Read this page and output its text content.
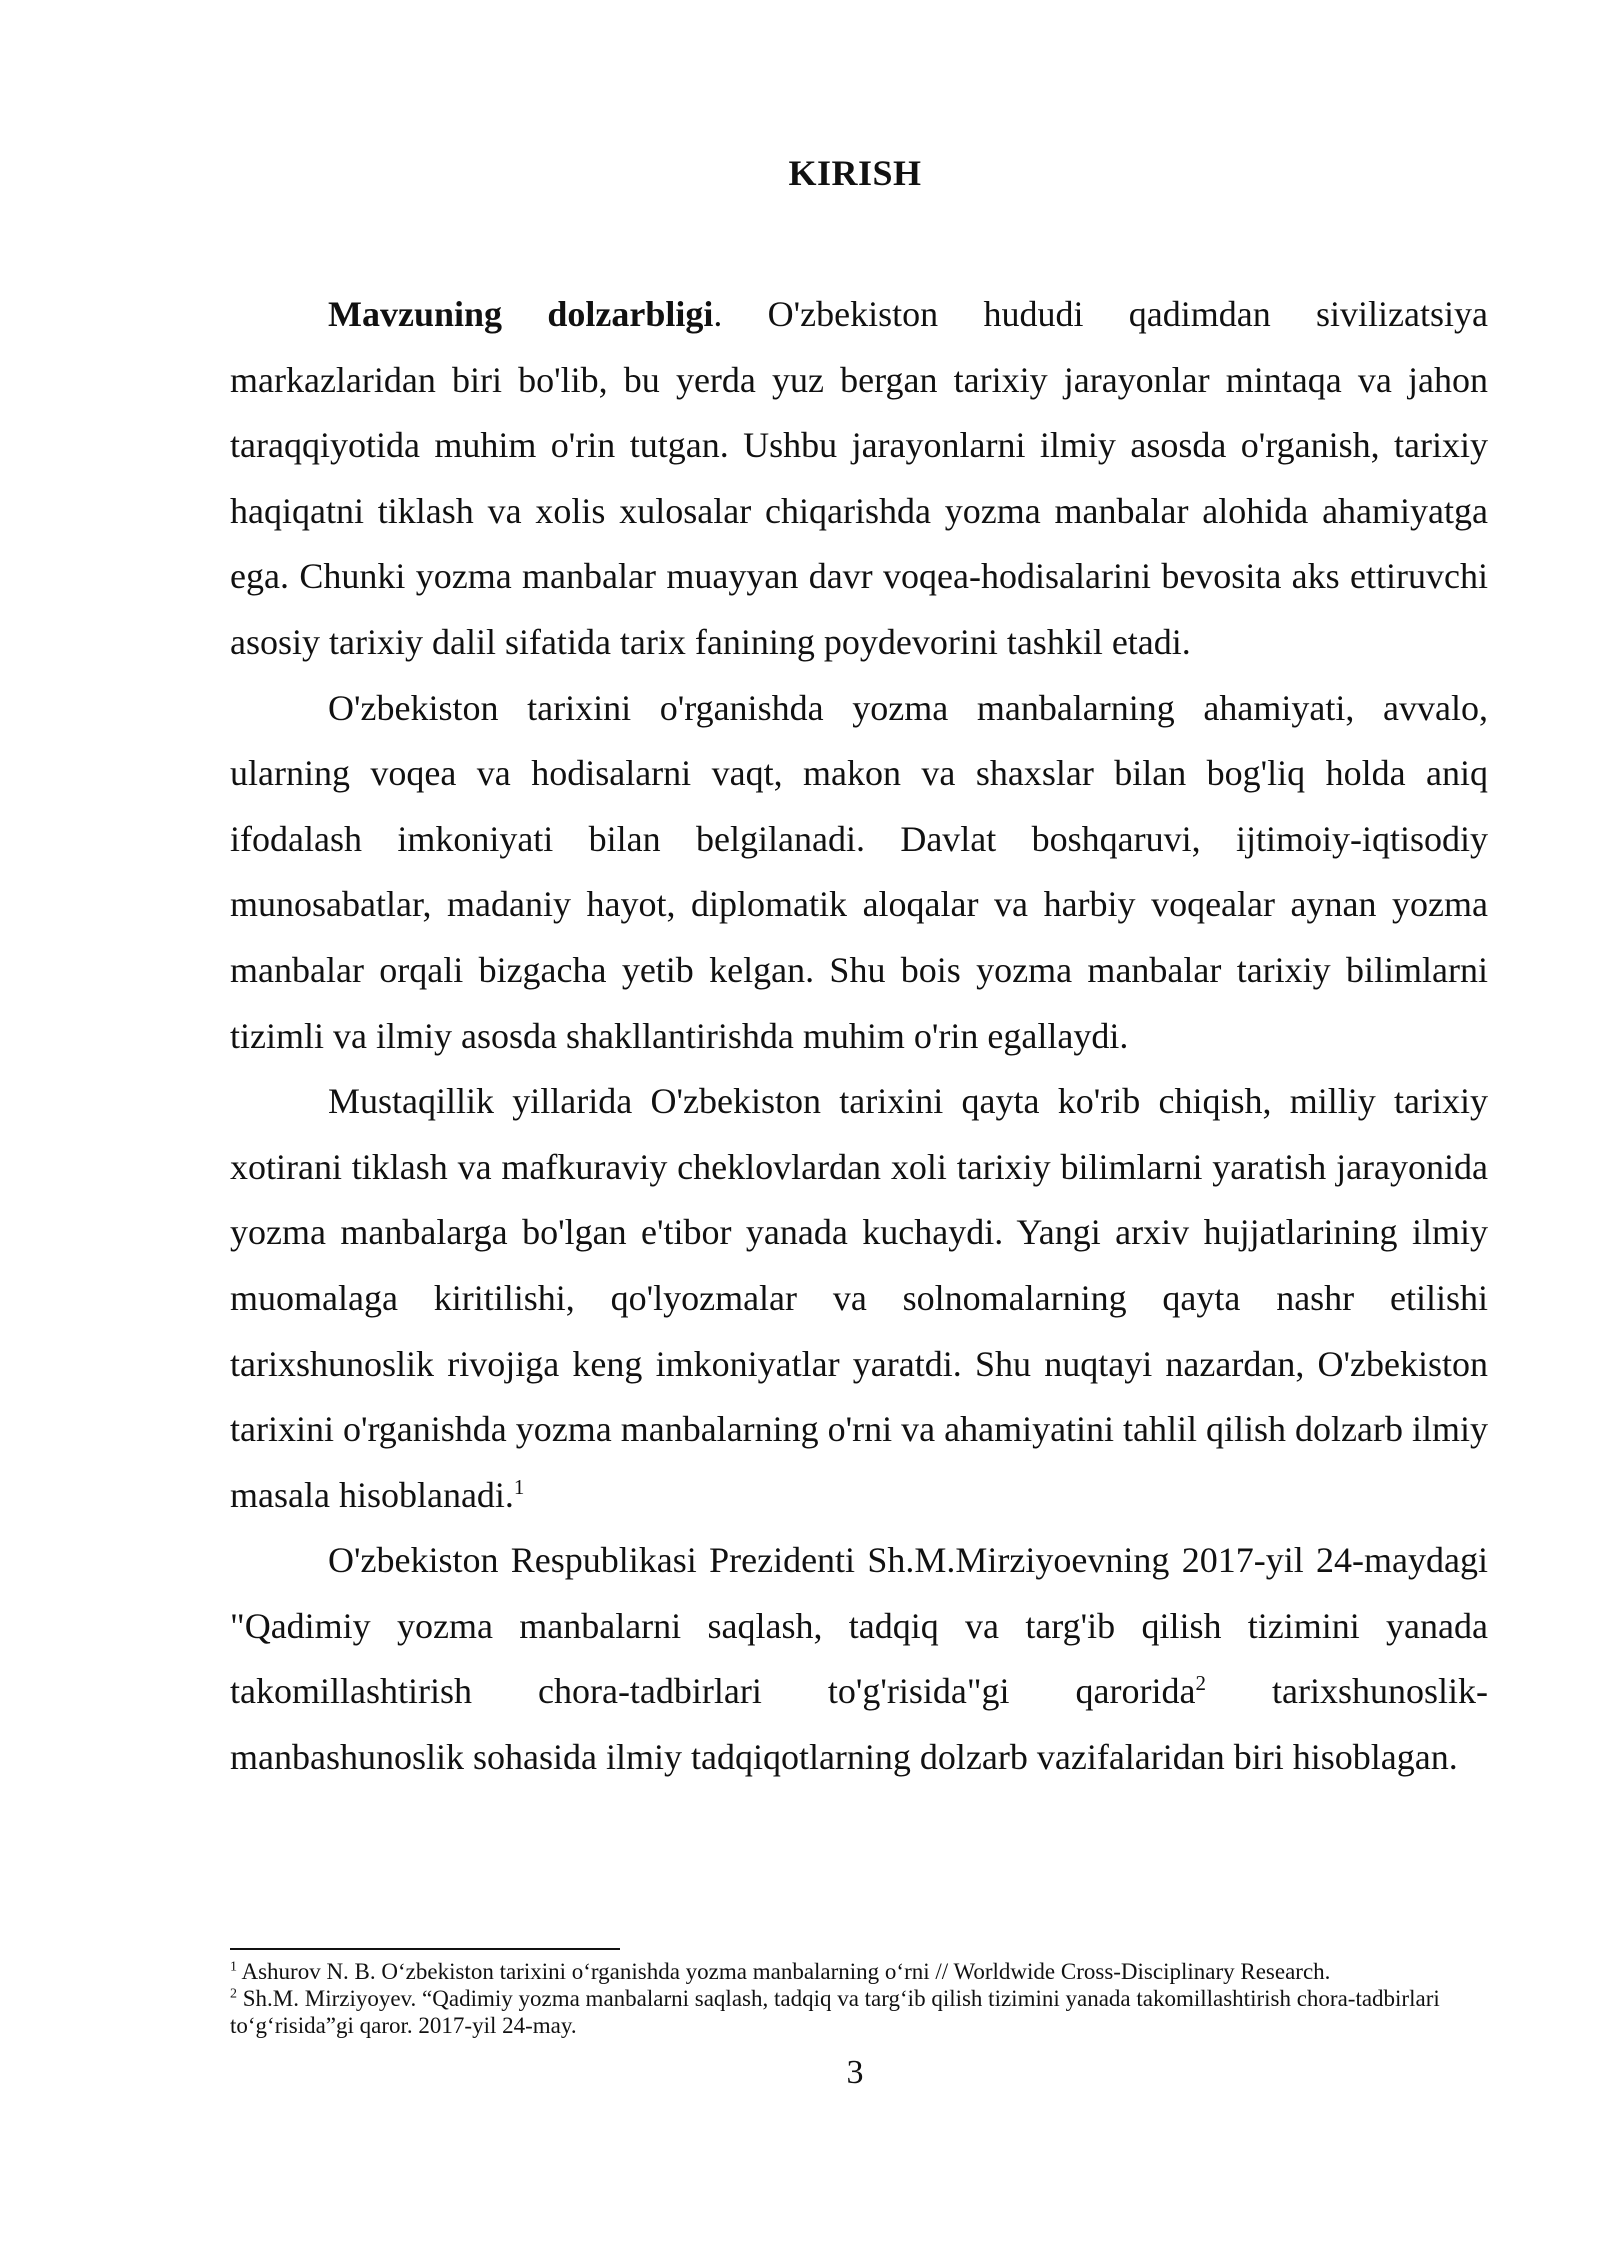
KIRISH

Mavzuning dolzarbligi. O'zbekiston hududi qadimdan sivilizatsiya markazlaridan biri bo'lib, bu yerda yuz bergan tarixiy jarayonlar mintaqa va jahon taraqqiyotida muhim o'rin tutgan. Ushbu jarayonlarni ilmiy asosda o'rganish, tarixiy haqiqatni tiklash va xolis xulosalar chiqarishda yozma manbalar alohida ahamiyatga ega. Chunki yozma manbalar muayyan davr voqea-hodisalarini bevosita aks ettiruvchi asosiy tarixiy dalil sifatida tarix fanining poydevorini tashkil etadi.

O'zbekiston tarixini o'rganishda yozma manbalarning ahamiyati, avvalo, ularning voqea va hodisalarni vaqt, makon va shaxslar bilan bog'liq holda aniq ifodalash imkoniyati bilan belgilanadi. Davlat boshqaruvi, ijtimoiy-iqtisodiy munosabatlar, madaniy hayot, diplomatik aloqalar va harbiy voqealar aynan yozma manbalar orqali bizgacha yetib kelgan. Shu bois yozma manbalar tarixiy bilimlarni tizimli va ilmiy asosda shakllantirishda muhim o'rin egallaydi.

Mustaqillik yillarida O'zbekiston tarixini qayta ko'rib chiqish, milliy tarixiy xotirani tiklash va mafkuraviy cheklovlardan xoli tarixiy bilimlarni yaratish jarayonida yozma manbalarga bo'lgan e'tibor yanada kuchaydi. Yangi arxiv hujjatlarining ilmiy muomalaga kiritilishi, qo'lyozmalar va solnomalarning qayta nashr etilishi tarixshunoslik rivojiga keng imkoniyatlar yaratdi. Shu nuqtayi nazardan, O'zbekiston tarixini o'rganishda yozma manbalarning o'rni va ahamiyatini tahlil qilish dolzarb ilmiy masala hisoblanadi.$^1$

O'zbekiston Respublikasi Prezidenti Sh.M.Mirziyoevning 2017-yil 24-maydagi "Qadimiy yozma manbalarni saqlash, tadqiq va targ'ib qilish tizimini yanada takomillashtirish chora-tadbirlari to'g'risida"gi qarorida$^2$ tarixshunoslik-manbashunoslik sohasida ilmiy tadqiqotlarning dolzarb vazifalaridan biri hisoblagan.

$^1$ Ashurov N. B. O‘zbekiston tarixini o‘rganishda yozma manbalarning o‘rni // Worldwide Cross-Disciplinary Research.

$^2$ Sh.M. Mirziyoyev. “Qadimiy yozma manbalarni saqlash, tadqiq va targ‘ib qilish tizimini yanada takomillashtirish chora-tadbirlari to‘g‘risida”gi qaror. 2017-yil 24-may.

3
